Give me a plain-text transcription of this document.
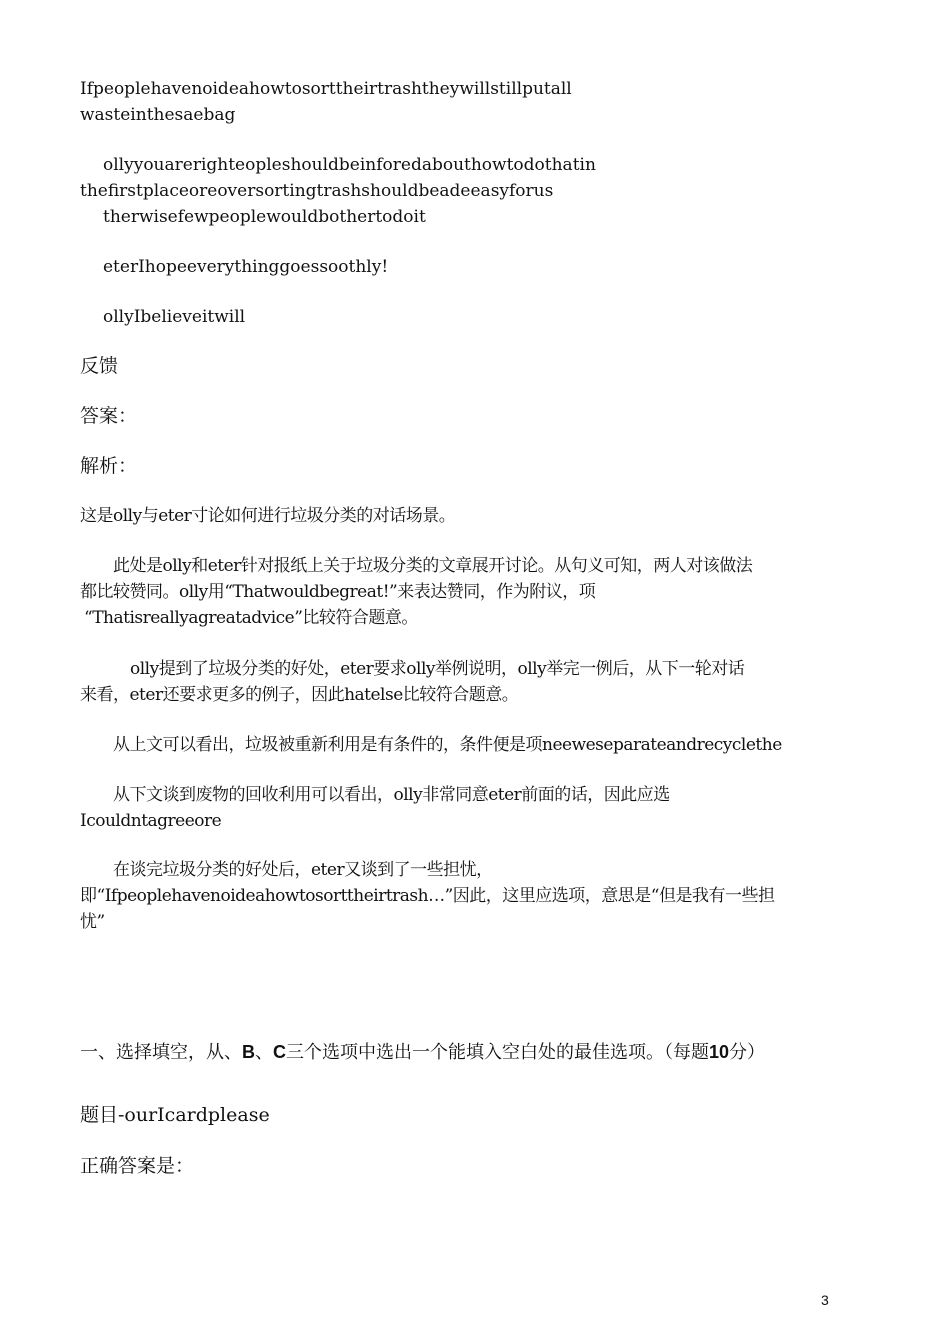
Ifpeoplehavenoideahowtosorttheirtrashtheywillstillputall
wasteinthesaebag
ollyyouarerighteopleshouldbeinforedabouthowtodothatin
thefirstplaceoreoversortingtrashshouldbeadeeasyforus
therwisefewpeoplewouldbothertodoit
eterIhopeeverythinggoessoothly!
ollyIbelieveitwill
反馈
答案：
解析：
这是olly与eter寸论如何进行垃圾分类的对话场景。
此处是olly和eter针对报纸上关于垃圾分类的文章展开讨论。从句义可知，两人对该做法
都比较赞同。olly用“Thatwouldbegreat!”来表达赞同，作为附议，项
“Thatisreallyagreatadvice”比较符合题意。
olly提到了垃圾分类的好处，eter要求olly举例说明，olly举完一例后，从下一轮对话
来看，eter还要求更多的例子，因此hatelse比较符合题意。
从上文可以看出，垃圾被重新利用是有条件的，条件便是项neeweseparateandrecyclethe
从下文谈到废物的回收利用可以看出，olly非常同意eter前面的话，因此应选
Icouldntagreeore
在谈完垃圾分类的好处后，eter又谈到了一些担忧，
即“Ifpeoplehavenoideahowtosorttheirtrash…”因此，这里应选项，意思是“但是我有一些担
忧”
一、选择填空，从、B、C三个选项中选出一个能填入空白处的最佳选项。（每题10分）
题目-ourIcardplease
正确答案是：
3
